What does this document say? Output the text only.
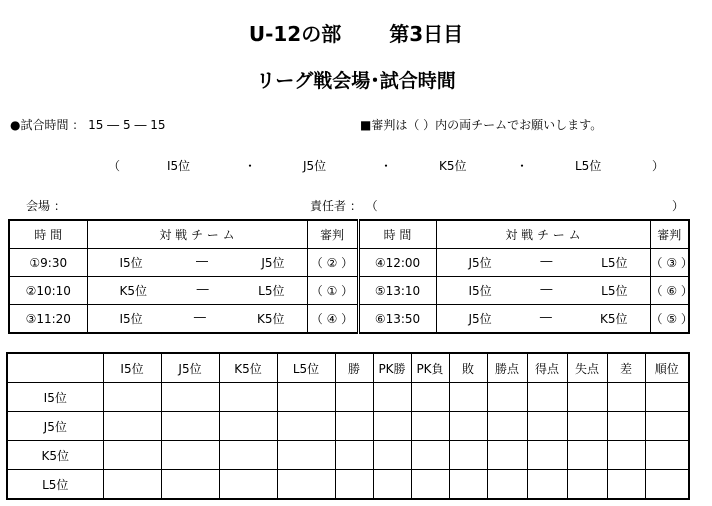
U-12の部 第3日目
リーグ戦会場･試合時間
●試合時間 ： 15 ― 5 ― 15	■審判は（ ）内の両チームでお願いします。
（	I5位	・	J5位	・	K5位	・	L5位	）
会場 ：	責任者 ： （	）
時 間	対 戦 チ ー ム	審判	時 間	対 戦 チ ー ム	審判
①9:30	I5位 ― J5位	（ ② ）	④12:00	J5位 ― L5位	（ ③ ）
②10:10	K5位 ― L5位	（ ① ）	⑤13:10	I5位 ― L5位	（ ⑥ ）
③11:20	I5位 ― K5位	（ ④ ）	⑥13:50	J5位 ― K5位	（ ⑤ ）
	I5位	J5位	K5位	L5位	勝	PK勝	PK負	敗	勝点	得点	失点	差	順位
I5位													
J5位													
K5位													
L5位													
